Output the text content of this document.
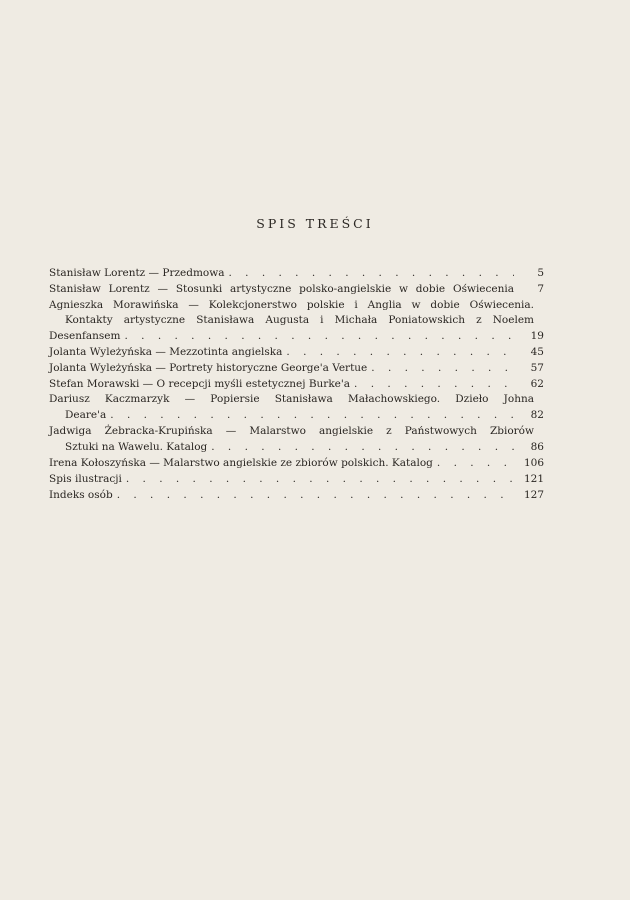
SPIS TREŚCI
Stanisław Lorentz — Przedmowa . . .	5
Stanisław Lorentz — Stosunki artystyczne polsko-angielskie w dobie Oświecenia	7
Agnieszka Morawińska — Kolekcjonerstwo polskie i Anglia w dobie Oświecenia.
Kontakty artystyczne Stanisława Augusta i Michała Poniatowskich z Noelem
Desenfansem . . .	19
Jolanta Wyleżyńska — Mezzotinta angielska . . .	45
Jolanta Wyleżyńska — Portrety historyczne George'a Vertue . . .	57
Stefan Morawski — O recepcji myśli estetycznej Burke'a . . .	62
Dariusz Kaczmarzyk — Popiersie Stanisława Małachowskiego. Dzieło Johna
Deare'a . . .	82
Jadwiga Żebracka-Krupińska — Malarstwo angielskie z Państwowych Zbiorów
Sztuki na Wawelu. Katalog . . .	86
Irena Kołoszyńska — Malarstwo angielskie ze zbiorów polskich. Katalog . . .	106
Spis ilustracji . . .	121
Indeks osób . . .	127
